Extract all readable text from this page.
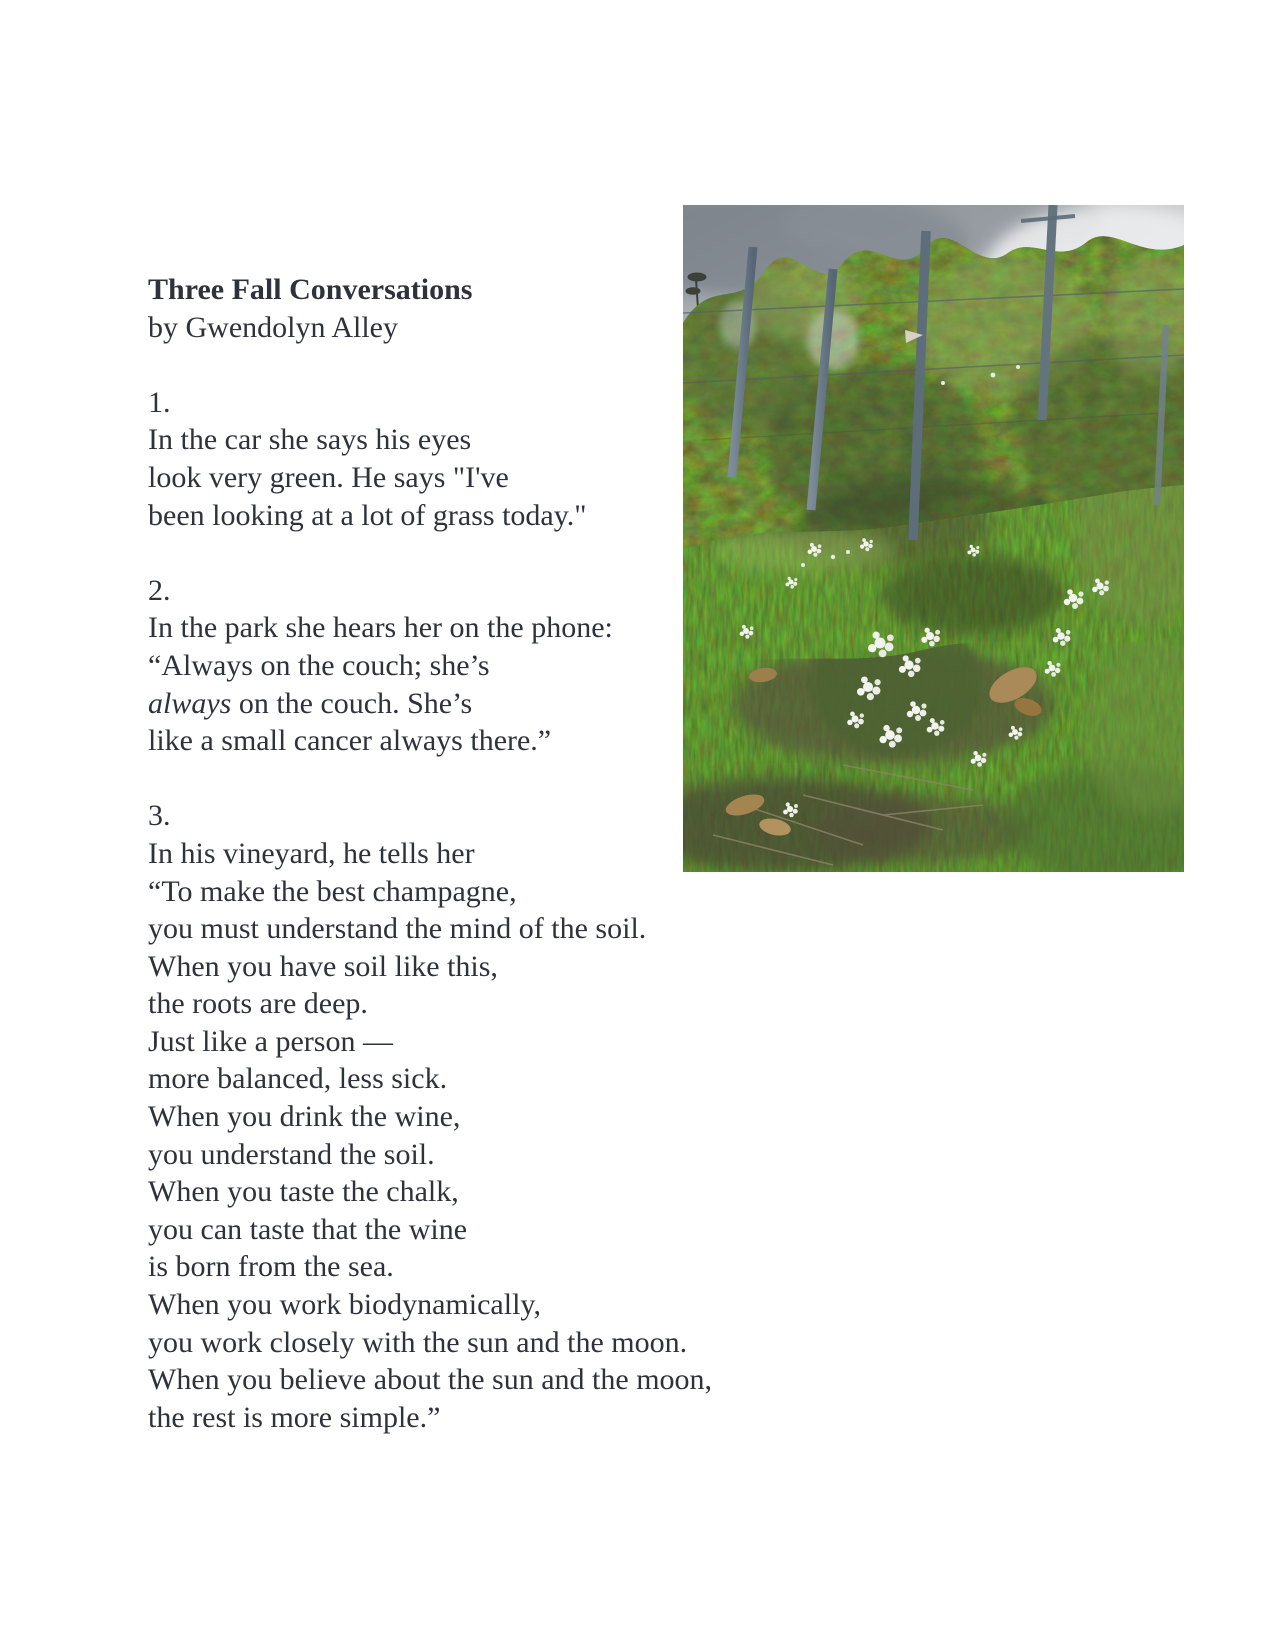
Three Fall Conversations
by Gwendolyn Alley
1.
In the car she says his eyes
look very green. He says "I've
been looking at a lot of grass today."
2.
In the park she hears her on the phone:
“Always on the couch; she’s
always on the couch. She’s
like a small cancer always there.”
3.
In his vineyard, he tells her
“To make the best champagne,
you must understand the mind of the soil.
When you have soil like this,
the roots are deep.
Just like a person —
more balanced, less sick.
When you drink the wine,
you understand the soil.
When you taste the chalk,
you can taste that the wine
is born from the sea.
When you work biodynamically,
you work closely with the sun and the moon.
When you believe about the sun and the moon,
the rest is more simple.”
